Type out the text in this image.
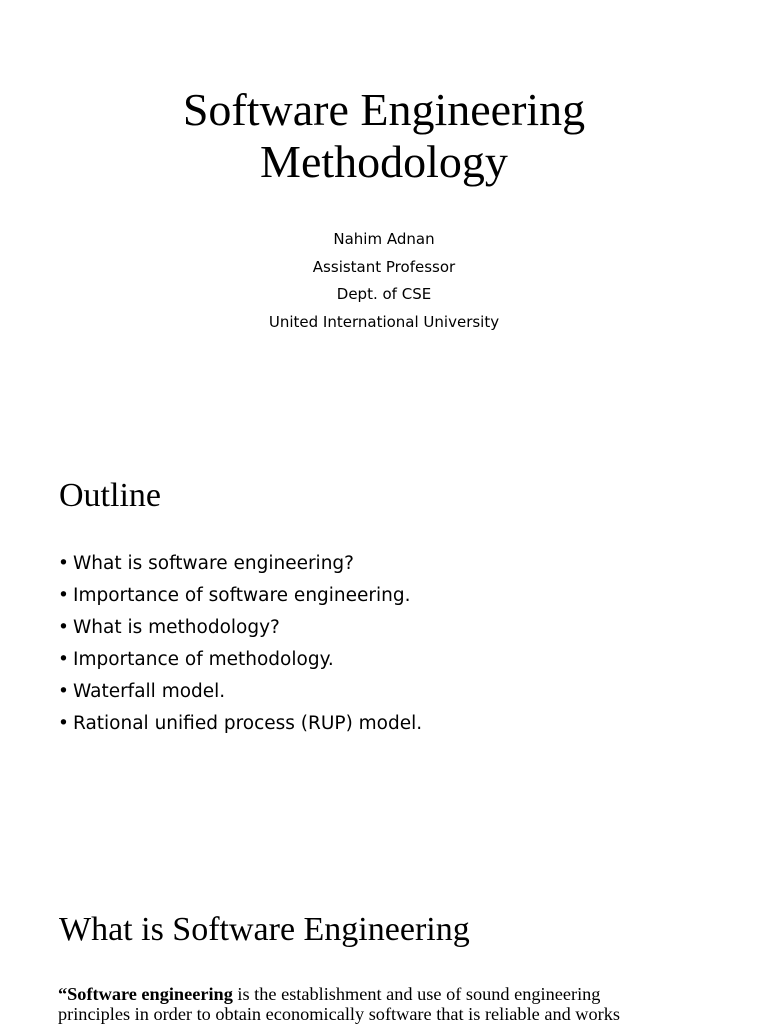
Software Engineering
Methodology
Nahim Adnan
Assistant Professor
Dept. of CSE
United International University
Outline
• What is software engineering?
• Importance of software engineering.
• What is methodology?
• Importance of methodology.
• Waterfall model.
• Rational unified process (RUP) model.
What is Software Engineering
“Software engineering is the establishment and use of sound engineering
principles in order to obtain economically software that is reliable and works
